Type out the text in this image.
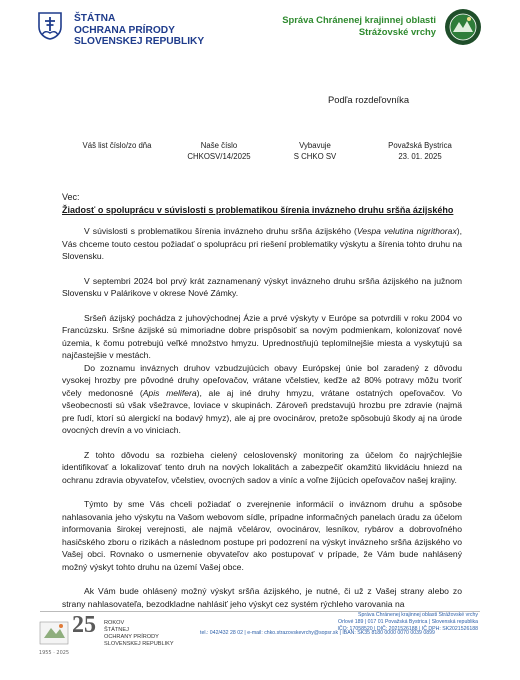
ŠTÁTNA
OCHRANA PRÍRODY
SLOVENSKEJ REPUBLIKY
Správa Chránenej krajinnej oblasti
Strážovské vrchy
Podľa rozdeľovníka
Váš list číslo/zo dňa	Naše číslo
CHKOSV/14/2025
Vybavuje
S CHKO SV
Považská Bystrica
23. 01. 2025
Vec:
Žiadosť o spoluprácu v súvislosti s problematikou šírenia invázneho druhu sršňa ázijského

V súvislosti s problematikou šírenia invázneho druhu sršňa ázijského (Vespa velutina nigrithorax), Vás chceme touto cestou požiadať o spoluprácu pri riešení problematiky výskytu a šírenia tohto druhu na Slovensku.

V septembri 2024 bol prvý krát zaznamenaný výskyt invázneho druhu sršňa ázijského na južnom Slovensku v Palárikove v okrese Nové Zámky.

Sršeň ázijský pochádza z juhovýchodnej Ázie a prvé výskyty v Európe sa potvrdili v roku 2004 vo Francúzsku. Sršne ázijské sú mimoriadne dobre prispôsobiť sa novým podmienkam, kolonizovať nové územia, k čomu potrebujú veľké množstvo hmyzu. Uprednostňujú teplomilnejšie miesta a vyskytujú sa najčastejšie v mestách.

Do zoznamu inváznych druhov vzbudzujúcich obavy Európskej únie bol zaradený z dôvodu vysokej hrozby pre pôvodné druhy opeľovačov, vrátane včelstiev, keďže až 80% potravy môžu tvoriť včely medonosné (Apis melifera), ale aj iné druhy hmyzu, vrátane ostatných opeľovačov. Vo všeobecnosti sú však všežravce, loviace v skupinách. Zároveň predstavujú hrozbu pre zdravie (najmä pre ľudí, ktorí sú alergickí na bodavý hmyz), ale aj pre ovocinárov, pretože spôsobujú škody aj na úrode ovocných drevín a vo viniciach.

Z tohto dôvodu sa rozbieha cielený celoslovenský monitoring za účelom čo najrýchlejšie identifikovať a lokalizovať tento druh na nových lokalitách a zabezpečiť okamžitú likvidáciu hniezd na ochranu zdravia obyvateľov, včelstiev, ovocných sadov a viníc a voľne žijúcich opeľovačov našej krajiny.

Týmto by sme Vás chceli požiadať o zverejnenie informácií o inváznom druhu a spôsobe nahlasovania jeho výskytu na Vašom webovom sídle, prípadne informačných panelach úradu za účelom informovania širokej verejnosti, ale najmä včelárov, ovocinárov, lesníkov, rybárov a dobrovoľného hasičského zboru o rizikách a následnom postupe pri podozrení na výskyt invázneho sršňa ázijského vo Vašej obci. Rovnako o usmernenie obyvateľov ako postupovať v prípade, že Vám bude nahlásený možný výskyt tohto druhu na území Vašej obce.

Ak Vám bude ohlásený možný výskyt sršňa ázijského, je nutné, či už z Vašej strany alebo zo strany nahlasovateľa, bezodkladne nahlásiť jeho výskyt cez systém rýchleho varovania na

1955 · 2025
25 ROKOV
ŠTÁTNEJ
OCHRANY PRÍRODY
SLOVENSKEJ REPUBLIKY
tel.: 042/432 28 02 | e-mail: chko.strazovskevrchy@sopsr.sk | IBAN: SK35 8180 0000 0070 0039 0899
Správa Chránenej krajinnej oblasti Strážovské vrchy
Orlové 189 | 017 01 Považská Bystrica | Slovenská republika
IČO: 17058520 | DIČ: 2021526188 | IČ DPH: SK2021526188
